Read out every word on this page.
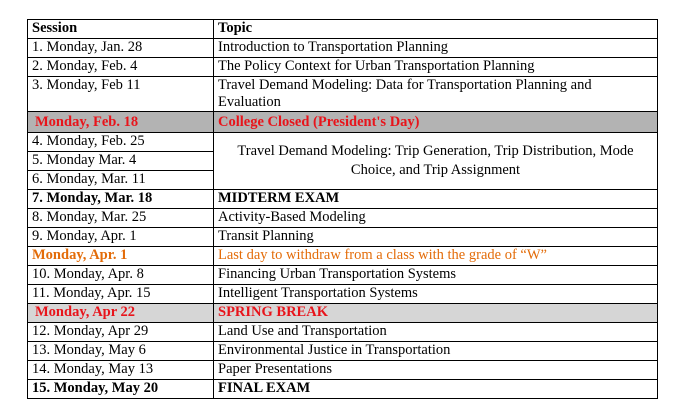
Session	Topic
1. Monday, Jan. 28	Introduction to Transportation Planning
2. Monday, Feb. 4	The Policy Context for Urban Transportation Planning
3. Monday, Feb 11	Travel Demand Modeling: Data for Transportation Planning and Evaluation
Monday, Feb. 18	College Closed (President's Day)
4. Monday, Feb. 25	Travel Demand Modeling: Trip Generation, Trip Distribution, Mode Choice, and Trip Assignment
5. Monday Mar. 4	
6. Monday, Mar. 11	
7. Monday, Mar. 18	MIDTERM EXAM
8. Monday, Mar. 25	Activity-Based Modeling
9. Monday, Apr. 1	Transit Planning
Monday, Apr. 1	Last day to withdraw from a class with the grade of “W”
10. Monday, Apr. 8	Financing Urban Transportation Systems
11. Monday, Apr. 15	Intelligent Transportation Systems
Monday, Apr 22	SPRING BREAK
12. Monday, Apr 29	Land Use and Transportation
13. Monday, May 6	Environmental Justice in Transportation
14. Monday, May 13	Paper Presentations
15. Monday, May 20	FINAL EXAM
